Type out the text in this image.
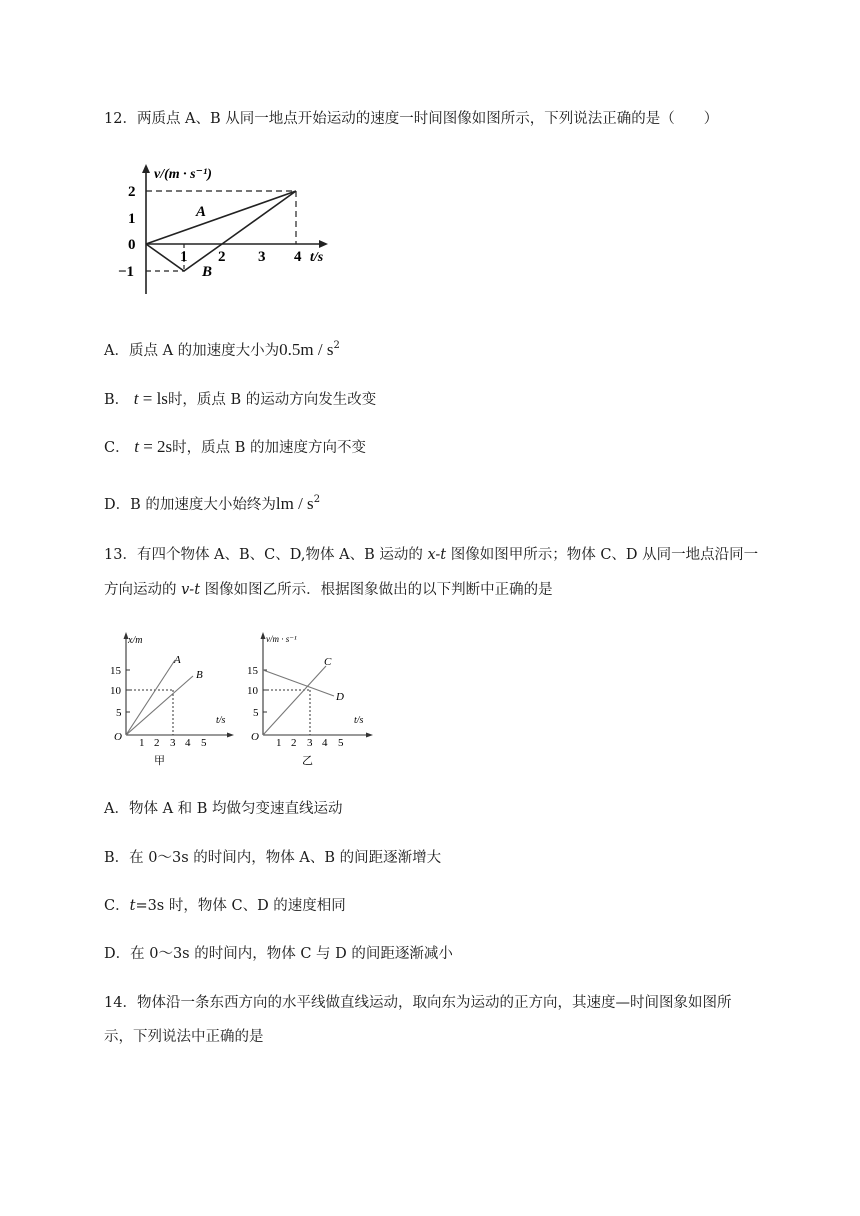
12．两质点 A、B 从同一地点开始运动的速度一时间图像如图所示，下列说法正确的是（　　）
2
1
0
−1
1 2 3 4
v/(m · s⁻¹)
t/s
A
B
A．质点 A 的加速度大小为$0.5m / s^2$
B． t = ls时，质点 B 的运动方向发生改变
C． t = 2s时，质点 B 的加速度方向不变
D．B 的加速度大小始终为lm / $s^2$
13．有四个物体 A、B、C、D,物体 A、B 运动的 x-t 图像如图甲所示；物体 C、D 从同一地点沿同一
方向运动的 v-t 图像如图乙所示．根据图象做出的以下判断中正确的是
x/m
t/s
15
10
5
O 1 2 3 4 5
A
B
甲
v/m · s⁻¹
t/s
15
10
5
O 1 2 3 4 5
C
D
乙
A．物体 A 和 B 均做匀变速直线运动
B．在 0～3s 的时间内，物体 A、B 的间距逐渐增大
C．t=3s 时，物体 C、D 的速度相同
D．在 0～3s 的时间内，物体 C 与 D 的间距逐渐减小
14．物体沿一条东西方向的水平线做直线运动，取向东为运动的正方向，其速度—时间图象如图所
示，下列说法中正确的是
